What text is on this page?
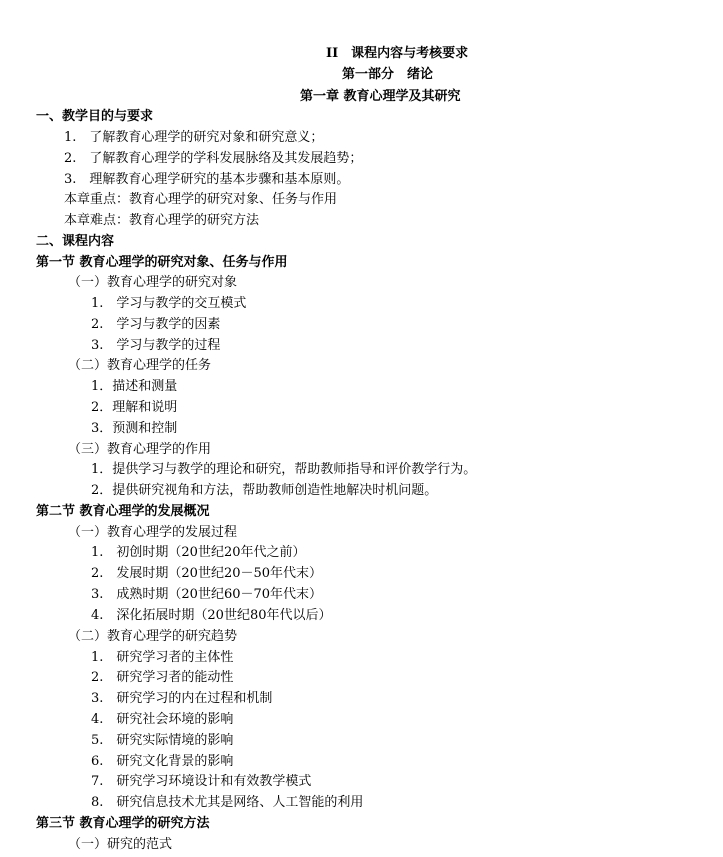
II　课程内容与考核要求
第一部分　绪论
第一章 教育心理学及其研究
一、教学目的与要求
1.　了解教育心理学的研究对象和研究意义；
2.　了解教育心理学的学科发展脉络及其发展趋势；
3.　理解教育心理学研究的基本步骤和基本原则。
本章重点：教育心理学的研究对象、任务与作用
本章难点：教育心理学的研究方法
二、课程内容
第一节 教育心理学的研究对象、任务与作用
（一）教育心理学的研究对象
1.　学习与教学的交互模式
2.　学习与教学的因素
3.　学习与教学的过程
（二）教育心理学的任务
1．描述和测量
2．理解和说明
3．预测和控制
（三）教育心理学的作用
1．提供学习与教学的理论和研究，帮助教师指导和评价教学行为。
2．提供研究视角和方法，帮助教师创造性地解决时机问题。
第二节 教育心理学的发展概况
（一）教育心理学的发展过程
1.　初创时期（20世纪20年代之前）
2.　发展时期（20世纪20－50年代末）
3.　成熟时期（20世纪60－70年代末）
4.　深化拓展时期（20世纪80年代以后）
（二）教育心理学的研究趋势
1.　研究学习者的主体性
2.　研究学习者的能动性
3.　研究学习的内在过程和机制
4.　研究社会环境的影响
5.　研究实际情境的影响
6.　研究文化背景的影响
7.　研究学习环境设计和有效教学模式
8.　研究信息技术尤其是网络、人工智能的利用
第三节 教育心理学的研究方法
（一）研究的范式
